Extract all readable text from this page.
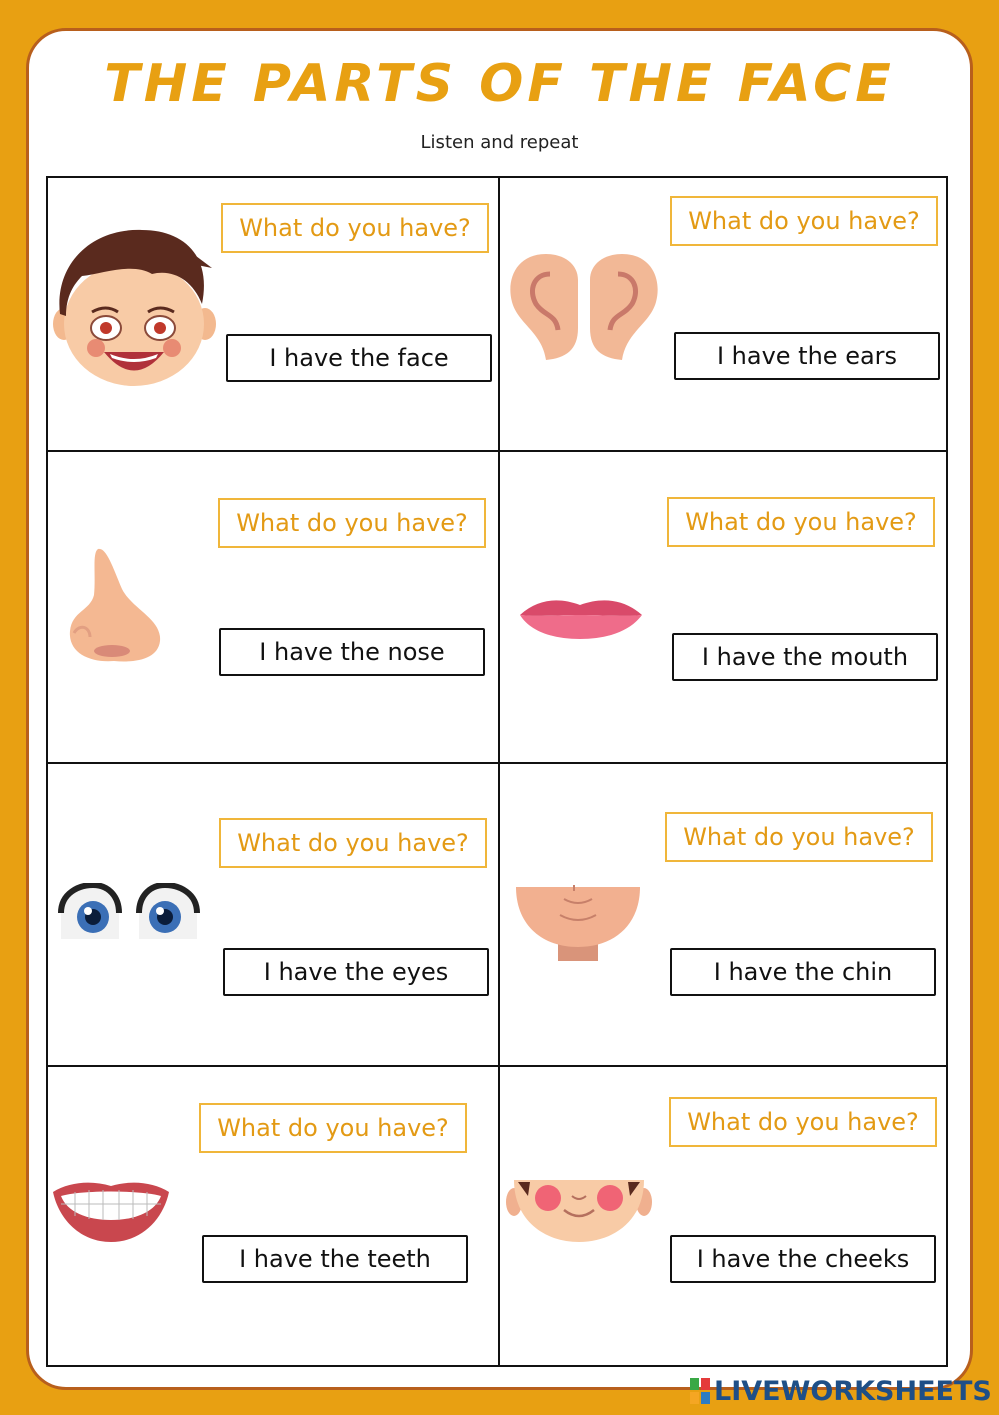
THE PARTS OF THE FACE
Listen and repeat
What do you have?
I have the face
What do you have?
I have the ears
What do you have?
I have the nose
What do you have?
I have the mouth
What do you have?
I have the eyes
What do you have?
I have the chin
What do you have?
I have the teeth
What do you have?
I have the cheeks
LIVEWORKSHEETS
